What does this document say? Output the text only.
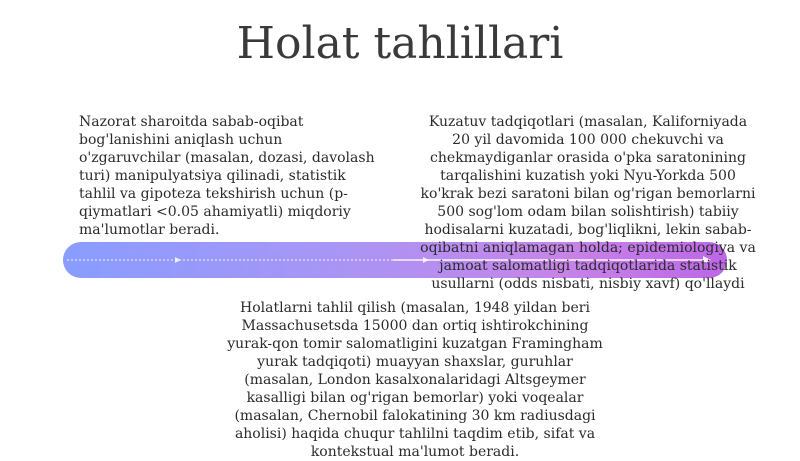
Holat tahlillari
Nazorat sharoitda sabab-oqibat bog'lanishini aniqlash uchun o'zgaruvchilar (masalan, dozasi, davolash turi) manipulyatsiya qilinadi, statistik tahlil va gipoteza tekshirish uchun (p-qiymatlari <0.05 ahamiyatli) miqdoriy ma'lumotlar beradi.
Kuzatuv tadqiqotlari (masalan, Kaliforniyada 20 yil davomida 100 000 chekuvchi va chekmaydiganlar orasida o'pka saratonining tarqalishini kuzatish yoki Nyu-Yorkda 500 ko'krak bezi saratoni bilan og'rigan bemorlarni 500 sog'lom odam bilan solishtirish) tabiiy hodisalarni kuzatadi, bog'liqlikni, lekin sabab-oqibatni aniqlamagan holda; epidemiologiya va jamoat salomatligi tadqiqotlarida statistik usullarni (odds nisbati, nisbiy xavf) qo'llaydi
Holatlarni tahlil qilish (masalan, 1948 yildan beri Massachusetsda 15000 dan ortiq ishtirokchining yurak-qon tomir salomatligini kuzatgan Framingham yurak tadqiqoti) muayyan shaxslar, guruhlar (masalan, London kasalxonalaridagi Altsgeymer kasalligi bilan og'rigan bemorlar) yoki voqealar (masalan, Chernobil falokatining 30 km radiusdagi aholisi) haqida chuqur tahlilni taqdim etib, sifat va kontekstual ma'lumot beradi.
